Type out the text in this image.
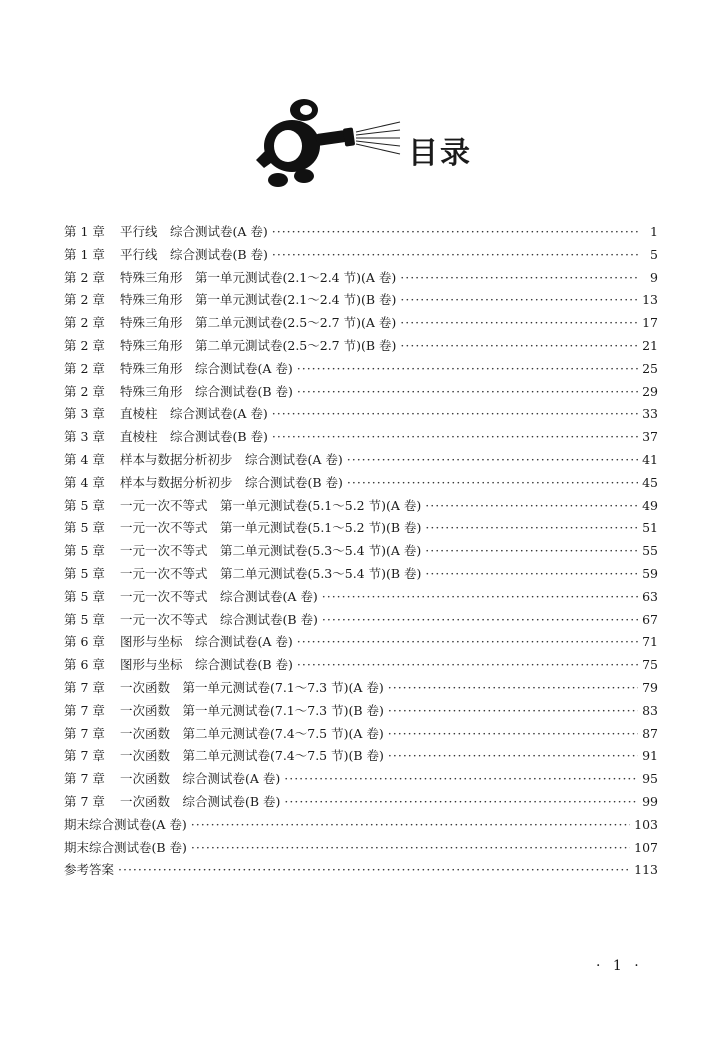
目录
第 1 章	平行线　综合测试卷(A 卷) ·····	1
第 1 章	平行线　综合测试卷(B 卷) ·····	5
第 2 章	特殊三角形　第一单元测试卷(2.1～2.4 节)(A 卷) ·····	9
第 2 章	特殊三角形　第一单元测试卷(2.1～2.4 节)(B 卷) ·····	13
第 2 章	特殊三角形　第二单元测试卷(2.5～2.7 节)(A 卷) ·····	17
第 2 章	特殊三角形　第二单元測试卷(2.5～2.7 节)(B 卷) ·····	21
第 2 章	特殊三角形　综合测试卷(A 卷) ·····	25
第 2 章	特殊三角形　综合测试卷(B 卷) ·····	29
第 3 章	直棱柱　综合测试卷(A 卷) ·····	33
第 3 章	直棱柱　综合测试卷(B 卷) ·····	37
第 4 章	样本与数据分析初步　综合测试卷(A 卷) ·····	41
第 4 章	样本与数据分析初步　综合测试卷(B 卷) ·····	45
第 5 章	一元一次不等式　第一单元测试卷(5.1～5.2 节)(A 卷) ·····	49
第 5 章	一元一次不等式　第一单元测试卷(5.1～5.2 节)(B 卷) ·····	51
第 5 章	一元一次不等式　第二单元测试卷(5.3～5.4 节)(A 卷) ·····	55
第 5 章	一元一次不等式　第二单元测试卷(5.3～5.4 节)(B 卷) ·····	59
第 5 章	一元一次不等式　综合测试卷(A 卷) ·····	63
第 5 章	一元一次不等式　综合测试卷(B 卷) ·····	67
第 6 章	图形与坐标　综合测试卷(A 卷) ·····	71
第 6 章	图形与坐标　综合测试卷(B 卷) ·····	75
第 7 章	一次函数　第一单元测试卷(7.1～7.3 节)(A 卷) ·····	79
第 7 章	一次函数　第一单元测试卷(7.1～7.3 节)(B 卷) ·····	83
第 7 章	一次函数　第二单元测试卷(7.4～7.5 节)(A 卷) ·····	87
第 7 章	一次函数　第二单元测试卷(7.4～7.5 节)(B 卷) ·····	91
第 7 章	一次函数　综合测试卷(A 卷) ·····	95
第 7 章	一次函数　综合测试卷(B 卷) ·····	99
期末综合测试卷(A 卷) ·····	103
期末综合测试卷(B 卷) ·····	107
参考答案 ·····	113
· 1 ·
